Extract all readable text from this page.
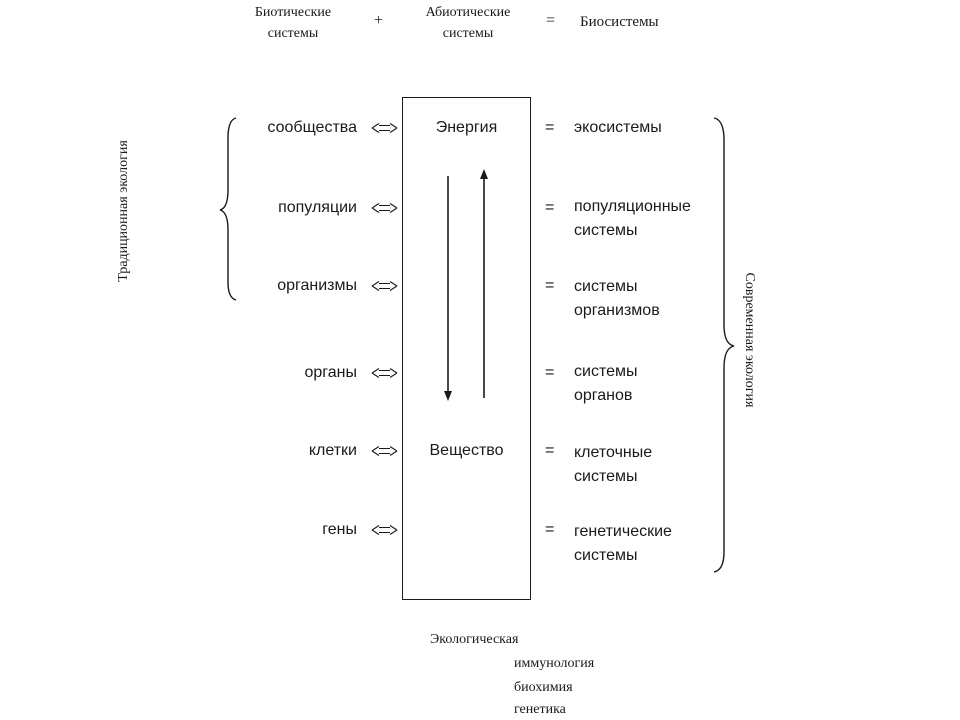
Биотические
системы
+	Абиотические
системы
= Биосистемы
Энергия
Вещество
сообщества
популяции
организмы
органы
клетки
гены
=
=
=
=
=
=
экосистемы
популяционные
системы
системы
организмов
системы
органов
клеточные
системы
генетические
системы
Традиционная экология
Современная экология
Экологическая
иммунология
биохимия
генетика
